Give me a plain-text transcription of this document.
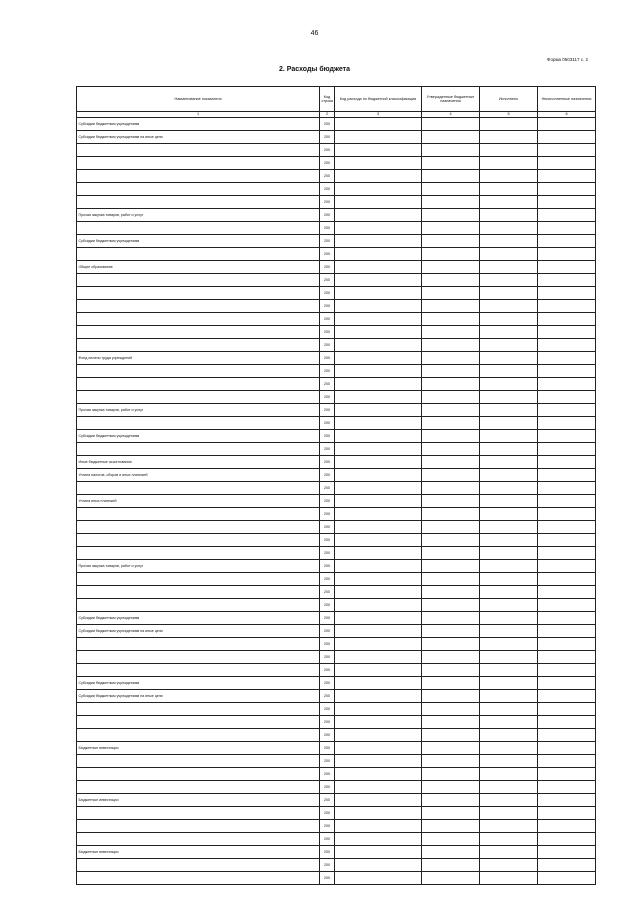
46
Форма 0503117 с. 2
2. Расходы бюджета
Наименование показателя	Код строки	Код расхода по бюджетной классификации	Утвержденные бюджетные назначения	Исполнено	Неисполненные назначения
1	2	3	4	5	6
Субсидии бюджетным учреждениям	200				
Субсидии бюджетным учреждениям на иные цели	200				
	200				
	200				
	200				
	200				
	200				
Прочая закупка товаров, работ и услуг	200				
	200				
Субсидии бюджетным учреждениям	200				
	200				
Общее образование	200				
	200				
	200				
	200				
	200				
	200				
	200				
Фонд оплаты труда учреждений	200				
	200				
	200				
	200				
Прочая закупка товаров, работ и услуг	200				
	200				
Субсидии бюджетным учреждениям	200				
	200				
Иные бюджетные ассигнования	200				
Уплата налогов, сборов и иных платежей	200				
	200				
Уплата иных платежей	200				
	200				
	200				
	200				
	200				
Прочая закупка товаров, работ и услуг	200				
	200				
	200				
	200				
Субсидии бюджетным учреждениям	200				
Субсидии бюджетным учреждениям на иные цели	200				
	200				
	200				
	200				
Субсидии бюджетным учреждениям	200				
Субсидии бюджетным учреждениям на иные цели	200				
	200				
	200				
	200				
Бюджетные инвестиции	200				
	200				
	200				
	200				
Бюджетные инвестиции	200				
	200				
	200				
	200				
Бюджетные инвестиции	200				
	200				
	200				
